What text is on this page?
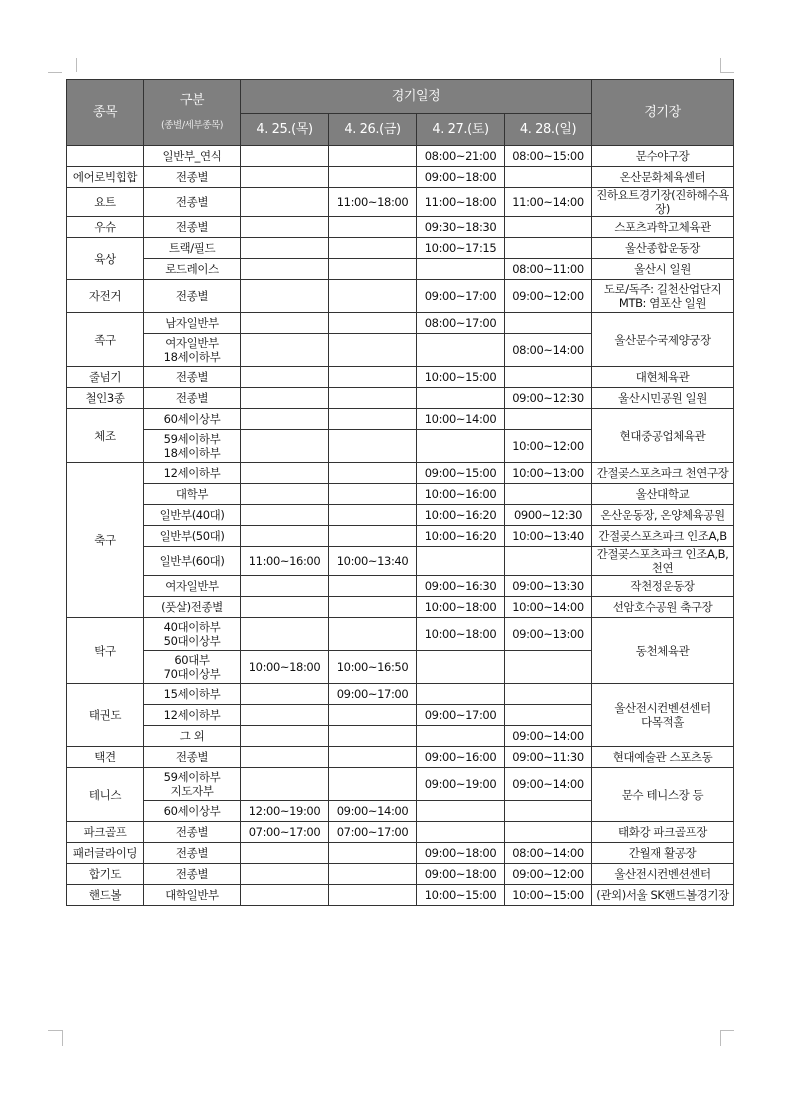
종목	구분

(종별/세부종목)	경기일정				경기장
		4. 25.(목)	4. 26.(금)	4. 27.(토)	4. 28.(일)	
	일반부_연식			08:00~21:00	08:00~15:00	문수야구장
에어로빅힙합	전종별			09:00~18:00		온산문화체육센터
요트	전종별		11:00~18:00	11:00~18:00	11:00~14:00	진하요트경기장(진하해수욕장)
우슈	전종별			09:30~18:30		스포츠과학고체육관
육상	트랙/필드			10:00~17:15		울산종합운동장
	로드레이스				08:00~11:00	울산시 일원
자전거	전종별			09:00~17:00	09:00~12:00	도로/독주: 길천산업단지
MTB: 염포산 일원
족구	남자일반부			08:00~17:00		울산문수국제양궁장
	여자일반부
18세이하부				08:00~14:00	
줄넘기	전종별			10:00~15:00		대현체육관
철인3종	전종별				09:00~12:30	울산시민공원 일원
체조	60세이상부			10:00~14:00		현대중공업체육관
	59세이하부
18세이하부				10:00~12:00	
축구	12세이하부			09:00~15:00	10:00~13:00	간절곶스포츠파크 천연구장
	대학부			10:00~16:00		울산대학교
	일반부(40대)			10:00~16:20	0900~12:30	온산운동장, 온양체육공원
	일반부(50대)			10:00~16:20	10:00~13:40	간절곶스포츠파크 인조A,B
	일반부(60대)	11:00~16:00	10:00~13:40			간절곶스포츠파크 인조A,B,천연
	여자일반부			09:00~16:30	09:00~13:30	작천정운동장
	(풋살)전종별			10:00~18:00	10:00~14:00	선암호수공원 축구장
탁구	40대이하부
50대이상부			10:00~18:00	09:00~13:00	동천체육관
	60대부
70대이상부	10:00~18:00	10:00~16:50			
태권도	15세이하부		09:00~17:00			울산전시컨벤션센터
다목적홀
	12세이하부			09:00~17:00		
	그 외				09:00~14:00	
택견	전종별			09:00~16:00	09:00~11:30	현대예술관 스포츠동
테니스	59세이하부
지도자부			09:00~19:00	09:00~14:00	문수 테니스장 등
	60세이상부	12:00~19:00	09:00~14:00			
파크골프	전종별	07:00~17:00	07:00~17:00			태화강 파크골프장
패러글라이딩	전종별			09:00~18:00	08:00~14:00	간월재 활공장
합기도	전종별			09:00~18:00	09:00~12:00	울산전시컨벤션센터
핸드볼	대학일반부			10:00~15:00	10:00~15:00	(관외)서울 SK핸드볼경기장
